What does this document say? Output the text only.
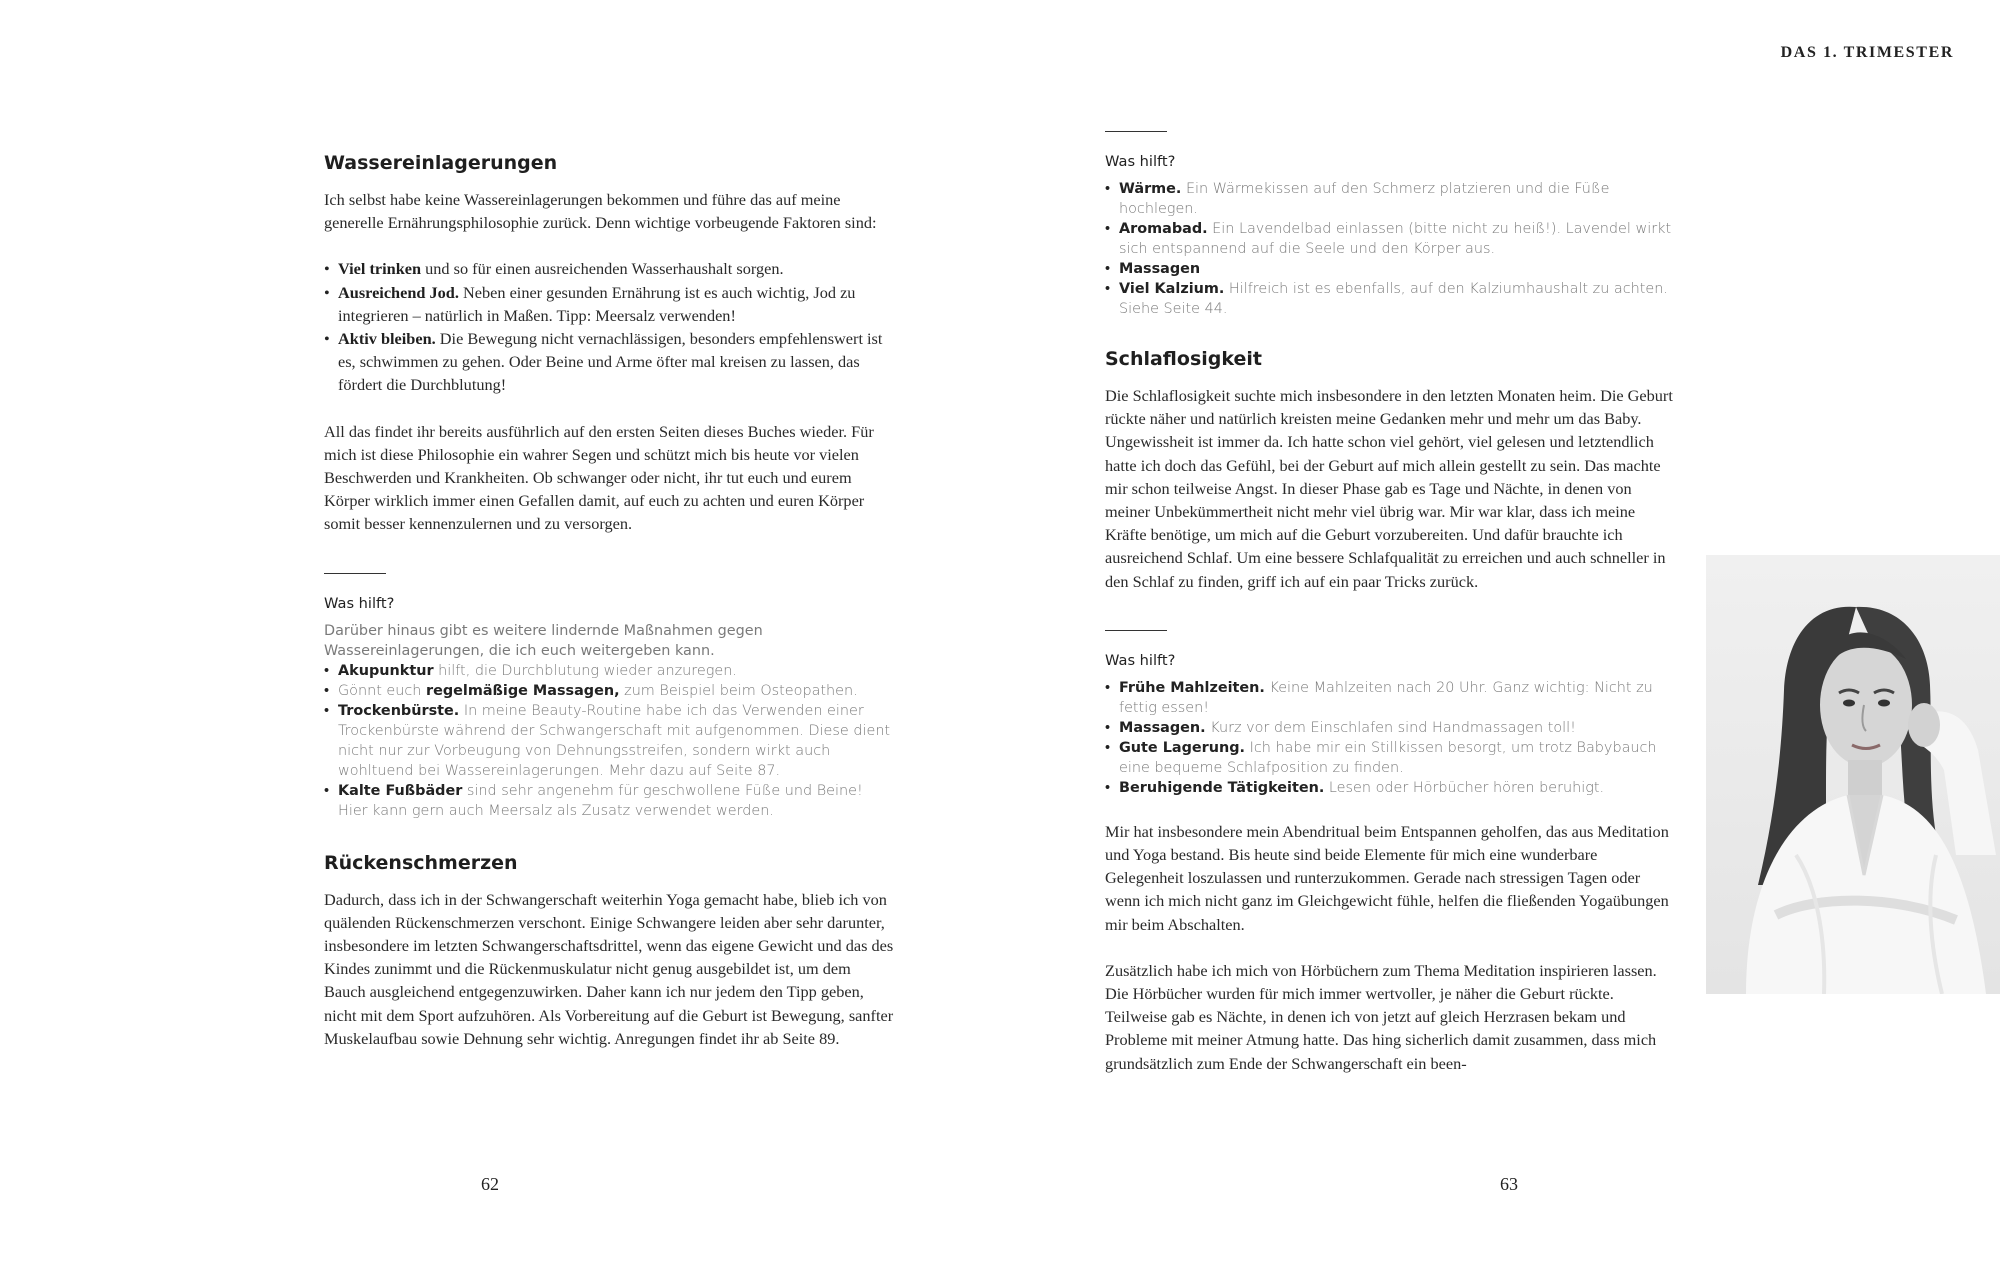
DAS 1. TRIMESTER
Wassereinlagerungen

Ich selbst habe keine Wassereinlagerungen bekommen und führe das auf meine generelle Ernährungsphilosophie zurück. Denn wichtige vorbeugende Faktoren sind:

• Viel trinken und so für einen ausreichenden Wasserhaushalt sorgen.
• Ausreichend Jod. Neben einer gesunden Ernährung ist es auch wichtig, Jod zu integrieren – natürlich in Maßen. Tipp: Meersalz verwenden!
• Aktiv bleiben. Die Bewegung nicht vernachlässigen, besonders empfehlenswert ist es, schwimmen zu gehen. Oder Beine und Arme öfter mal kreisen zu lassen, das fördert die Durchblutung!

All das findet ihr bereits ausführlich auf den ersten Seiten dieses Buches wieder. Für mich ist diese Philosophie ein wahrer Segen und schützt mich bis heute vor vielen Beschwerden und Krankheiten. Ob schwanger oder nicht, ihr tut euch und eurem Körper wirklich immer einen Gefallen damit, auf euch zu achten und euren Körper somit besser kennenzulernen und zu versorgen.

Was hilft?

Darüber hinaus gibt es weitere lindernde Maßnahmen gegen Wassereinlagerungen, die ich euch weitergeben kann.

• Akupunktur hilft, die Durchblutung wieder anzuregen.
• Gönnt euch regelmäßige Massagen, zum Beispiel beim Osteopathen.
• Trockenbürste. In meine Beauty-Routine habe ich das Verwenden einer Trockenbürste während der Schwangerschaft mit aufgenommen. Diese dient nicht nur zur Vorbeugung von Dehnungsstreifen, sondern wirkt auch wohltuend bei Wassereinlagerungen. Mehr dazu auf Seite 87.
• Kalte Fußbäder sind sehr angenehm für geschwollene Füße und Beine! Hier kann gern auch Meersalz als Zusatz verwendet werden.
Rückenschmerzen

Dadurch, dass ich in der Schwangerschaft weiterhin Yoga gemacht habe, blieb ich von quälenden Rückenschmerzen verschont. Einige Schwangere leiden aber sehr darunter, insbesondere im letzten Schwangerschaftsdrittel, wenn das eigene Gewicht und das des Kindes zunimmt und die Rückenmuskulatur nicht genug ausgebildet ist, um dem Bauch ausgleichend entgegenzuwirken. Daher kann ich nur jedem den Tipp geben, nicht mit dem Sport aufzuhören. Als Vorbereitung auf die Geburt ist Bewegung, sanfter Muskelaufbau sowie Dehnung sehr wichtig. Anregungen findet ihr ab Seite 89.

Was hilft?
• Wärme. Ein Wärmekissen auf den Schmerz platzieren und die Füße hochlegen.
• Aromabad. Ein Lavendelbad einlassen (bitte nicht zu heiß!). Lavendel wirkt sich entspannend auf die Seele und den Körper aus.
• Massagen
• Viel Kalzium. Hilfreich ist es ebenfalls, auf den Kalziumhaushalt zu achten. Siehe Seite 44.
Schlaflosigkeit

Die Schlaflosigkeit suchte mich insbesondere in den letzten Monaten heim. Die Geburt rückte näher und natürlich kreisten meine Gedanken mehr und mehr um das Baby. Ungewissheit ist immer da. Ich hatte schon viel gehört, viel gelesen und letztendlich hatte ich doch das Gefühl, bei der Geburt auf mich allein gestellt zu sein. Das machte mir schon teilweise Angst. In dieser Phase gab es Tage und Nächte, in denen von meiner Unbekümmertheit nicht mehr viel übrig war. Mir war klar, dass ich meine Kräfte benötige, um mich auf die Geburt vorzubereiten. Und dafür brauchte ich ausreichend Schlaf. Um eine bessere Schlafqualität zu erreichen und auch schneller in den Schlaf zu finden, griff ich auf ein paar Tricks zurück.

Was hilft?
• Frühe Mahlzeiten. Keine Mahlzeiten nach 20 Uhr. Ganz wichtig: Nicht zu fettig essen!
• Massagen. Kurz vor dem Einschlafen sind Handmassagen toll!
• Gute Lagerung. Ich habe mir ein Stillkissen besorgt, um trotz Babybauch eine bequeme Schlafposition zu finden.
• Beruhigende Tätigkeiten. Lesen oder Hörbücher hören beruhigt.

Mir hat insbesondere mein Abendritual beim Entspannen geholfen, das aus Meditation und Yoga bestand. Bis heute sind beide Elemente für mich eine wunderbare Gelegenheit loszulassen und runterzukommen. Gerade nach stressigen Tagen oder wenn ich mich nicht ganz im Gleichgewicht fühle, helfen die fließenden Yogaübungen mir beim Abschalten.

Zusätzlich habe ich mich von Hörbüchern zum Thema Meditation inspirieren lassen. Die Hörbücher wurden für mich immer wertvoller, je näher die Geburt rückte. Teilweise gab es Nächte, in denen ich von jetzt auf gleich Herzrasen bekam und Probleme mit meiner Atmung hatte. Das hing sicherlich damit zusammen, dass mich grundsätzlich zum Ende der Schwangerschaft ein been-

62	63
